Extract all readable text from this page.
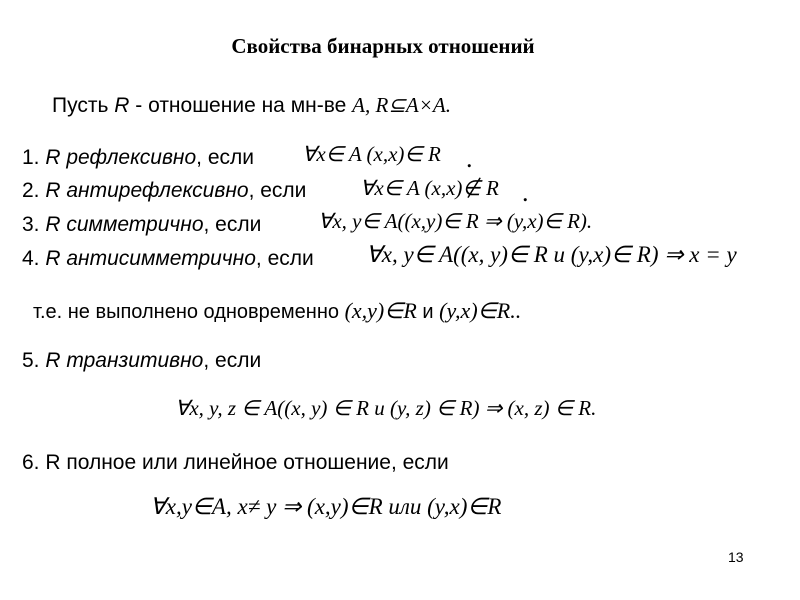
Свойства бинарных отношений
Пусть R - отношение на мн-ве A, R⊆A×A.
1. R рефлексивно, если ∀x∈ A (x,x)∈ R .
2. R антирефлексивно, если	∀x∈ A (x,x)∉ R .
3. R симметрично, если	∀x, y∈ A((x,y)∈ R ⇒ (y,x)∈ R).
4. R антисимметрично, если ∀x, y∈ A((x, y)∈ R и (y,x)∈ R) ⇒ x = y
т.е. не выполнено одновременно (x,y)∈R и (y,x)∈R..
5. R транзитивно, если
∀x, y, z ∈ A((x, y) ∈ R и (y, z) ∈ R) ⇒ (x, z) ∈ R.
6. R полное или линейное отношение, если
∀x,y∈A, x≠ y ⇒ (x,y)∈R или (y,x)∈R
13
